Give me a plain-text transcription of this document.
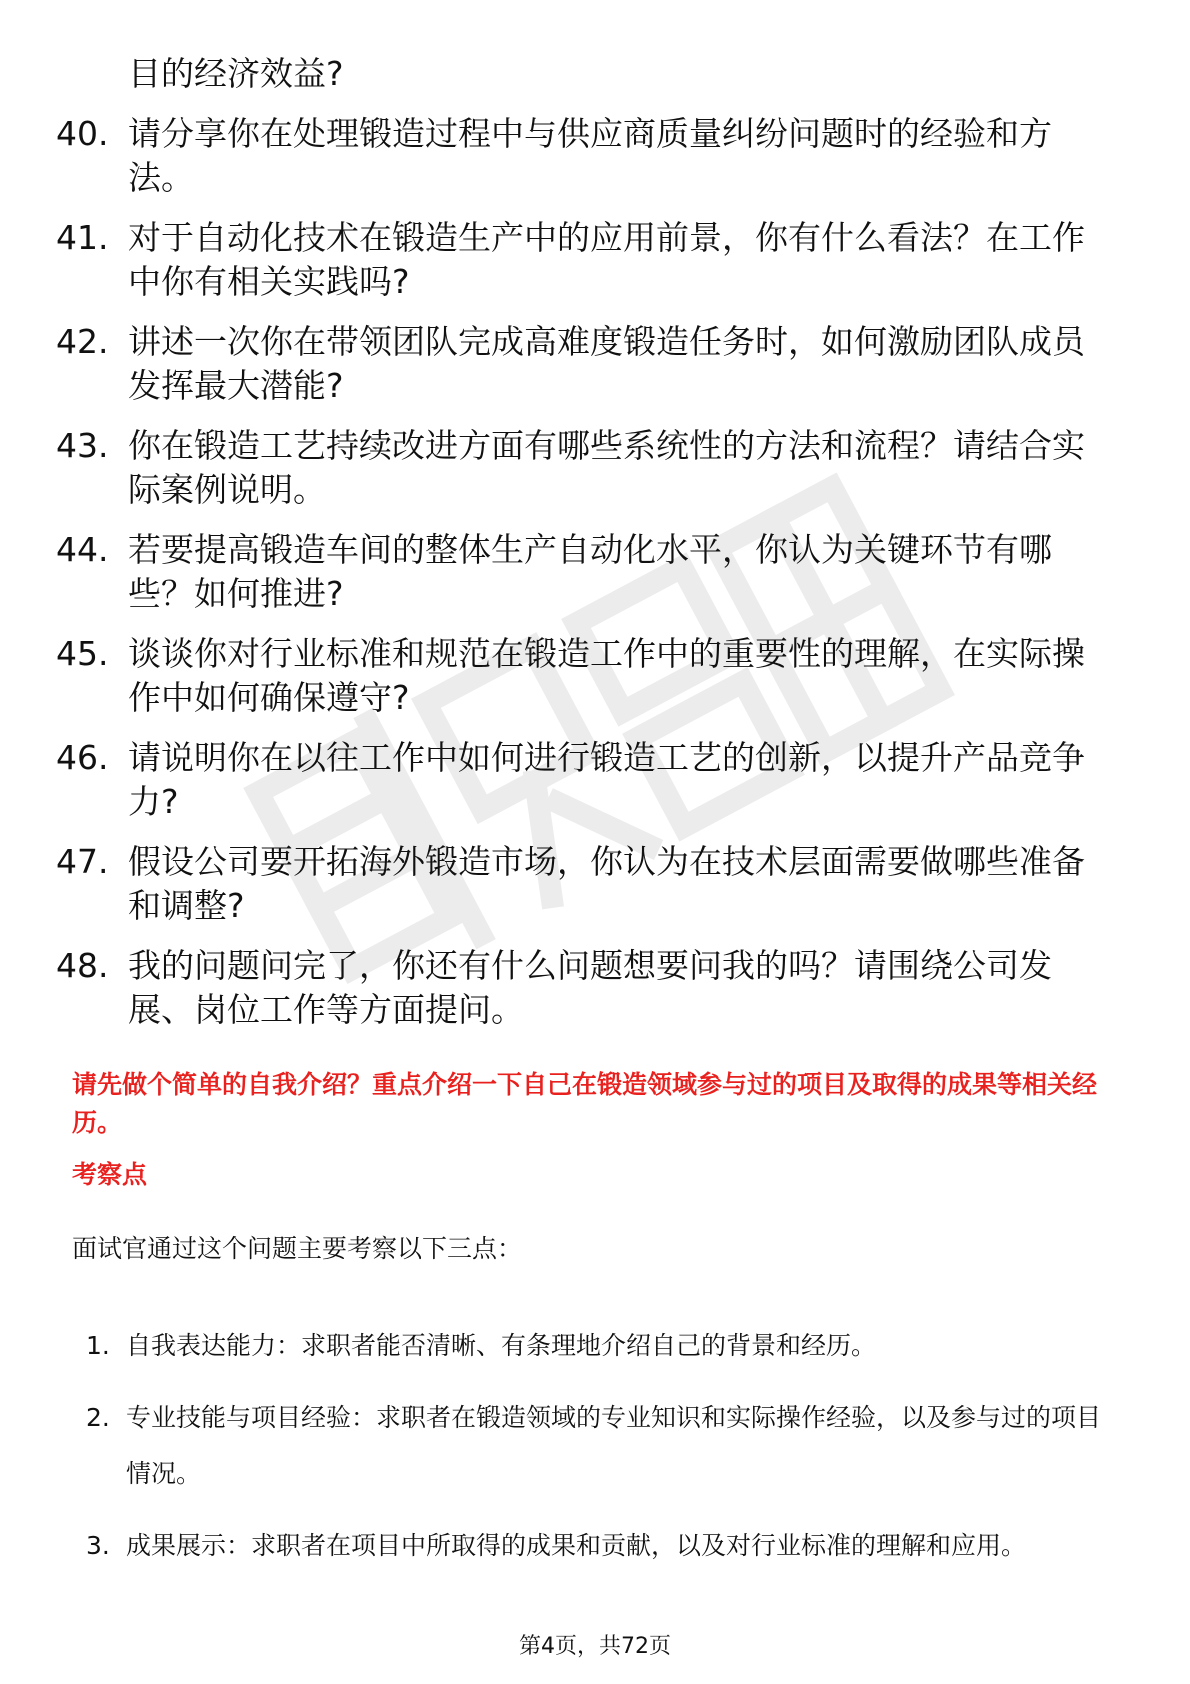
目的经济效益?
40. 请分享你在处理锻造过程中与供应商质量纠纷问题时的经验和方法。
41. 对于自动化技术在锻造生产中的应用前景，你有什么看法？在工作中你有相关实践吗?
42. 讲述一次你在带领团队完成高难度锻造任务时，如何激励团队成员发挥最大潜能?
43. 你在锻造工艺持续改进方面有哪些系统性的方法和流程？请结合实际案例说明。
44. 若要提高锻造车间的整体生产自动化水平，你认为关键环节有哪些？如何推进?
45. 谈谈你对行业标准和规范在锻造工作中的重要性的理解，在实际操作中如何确保遵守?
46. 请说明你在以往工作中如何进行锻造工艺的创新，以提升产品竞争力?
47. 假设公司要开拓海外锻造市场，你认为在技术层面需要做哪些准备和调整?
48. 我的问题问完了，你还有什么问题想要问我的吗？请围绕公司发展、岗位工作等方面提问。
请先做个简单的自我介绍？重点介绍一下自己在锻造领域参与过的项目及取得的成果等相关经历。
考察点
面试官通过这个问题主要考察以下三点：
1. 自我表达能力：求职者能否清晰、有条理地介绍自己的背景和经历。
2. 专业技能与项目经验：求职者在锻造领域的专业知识和实际操作经验，以及参与过的项目情况。
3. 成果展示：求职者在项目中所取得的成果和贡献，以及对行业标准的理解和应用。
第4页，共72页
